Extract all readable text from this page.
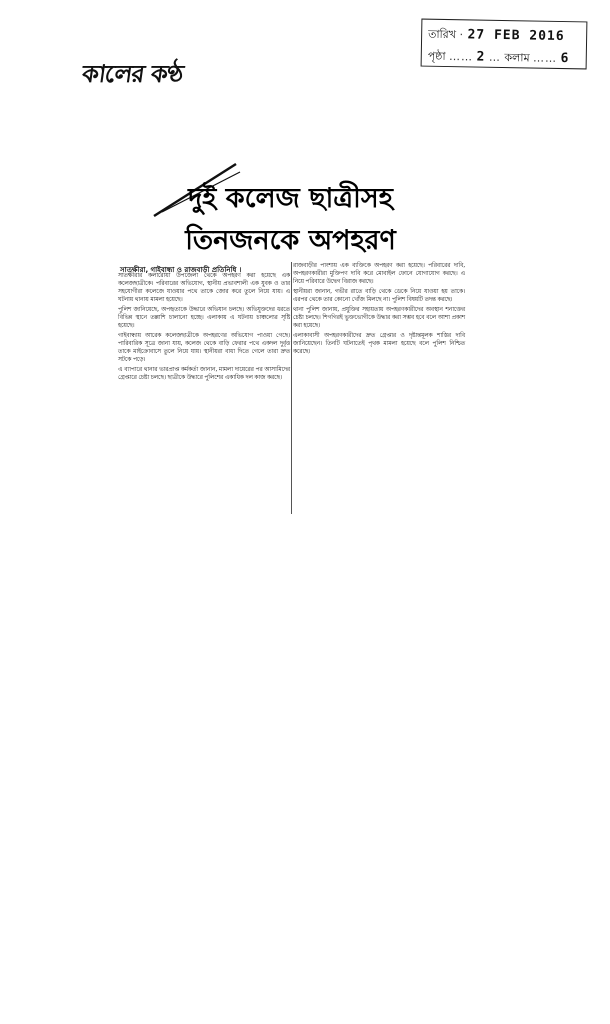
তারিখ · 27 FEB 2016
পৃষ্ঠা …… 2 … কলাম …… 6
কালের কণ্ঠ
দুই কলেজ ছাত্রীসহ
তিনজনকে অপহরণ
সাতক্ষীরা, গাইবান্ধা ও রাজবাড়ী প্রতিনিধি ।

সাতক্ষীরার কলারোয়া উপজেলা থেকে অপহরণ করা হয়েছে এক কলেজছাত্রীকে। পরিবারের অভিযোগ, স্থানীয় প্রভাবশালী এক যুবক ও তার সহযোগীরা কলেজে যাওয়ার পথে তাকে জোর করে তুলে নিয়ে যায়। এ ঘটনায় থানায় মামলা হয়েছে।

পুলিশ জানিয়েছে, অপহৃতাকে উদ্ধারে অভিযান চলছে। অভিযুক্তদের ধরতে বিভিন্ন স্থানে তল্লাশি চালানো হচ্ছে। এলাকায় এ ঘটনায় চাঞ্চল্যের সৃষ্টি হয়েছে।

গাইবান্ধায় আরেক কলেজছাত্রীকে অপহরণের অভিযোগ পাওয়া গেছে। পারিবারিক সূত্রে জানা যায়, কলেজ থেকে বাড়ি ফেরার পথে একদল দুর্বৃত্ত তাকে মাইক্রোবাসে তুলে নিয়ে যায়। স্থানীয়রা বাধা দিতে গেলে তারা দ্রুত সটকে পড়ে।

এ ব্যাপারে থানার ভারপ্রাপ্ত কর্মকর্তা জানান, মামলা দায়েরের পর আসামিদের গ্রেপ্তারে চেষ্টা চলছে। ছাত্রীকে উদ্ধারে পুলিশের একাধিক দল কাজ করছে।

রাজবাড়ীর পাংশায় এক ব্যক্তিকে অপহরণ করা হয়েছে। পরিবারের দাবি, অপহরণকারীরা মুক্তিপণ দাবি করে মোবাইল ফোনে যোগাযোগ করছে। এ নিয়ে পরিবারে উদ্বেগ বিরাজ করছে।

স্থানীয়রা জানান, গভীর রাতে বাড়ি থেকে ডেকে নিয়ে যাওয়া হয় তাকে। এরপর থেকে তার কোনো খোঁজ মিলছে না। পুলিশ বিষয়টি তদন্ত করছে।

থানা পুলিশ জানায়, প্রযুক্তির সহায়তায় অপহরণকারীদের অবস্থান শনাক্তের চেষ্টা চলছে। শিগগিরই ভুক্তভোগীকে উদ্ধার করা সম্ভব হবে বলে আশা প্রকাশ করা হয়েছে।

এলাকাবাসী অপহরণকারীদের দ্রুত গ্রেপ্তার ও দৃষ্টান্তমূলক শাস্তির দাবি জানিয়েছেন। তিনটি ঘটনাতেই পৃথক মামলা হয়েছে বলে পুলিশ নিশ্চিত করেছে।
